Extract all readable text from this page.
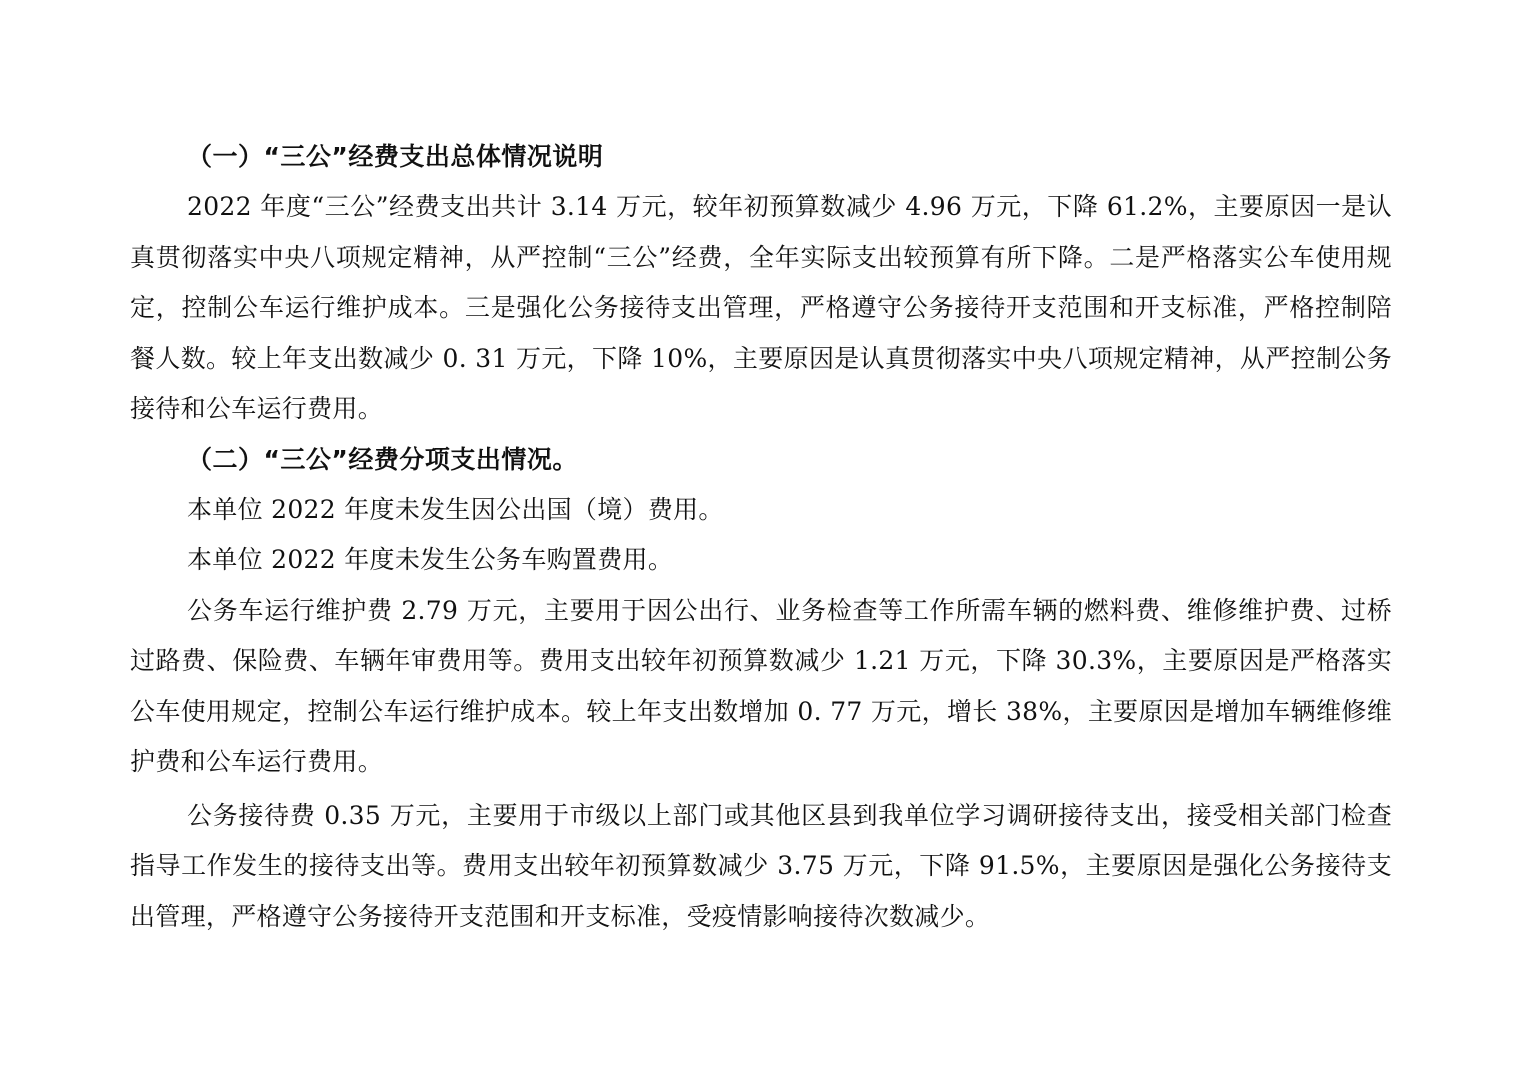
（一）“三公”经费支出总体情况说明

2022 年度“三公”经费支出共计 3.14 万元，较年初预算数减少 4.96 万元，下降 61.2%，主要原因一是认真贯彻落实中央八项规定精神，从严控制“三公”经费，全年实际支出较预算有所下降。二是严格落实公车使用规定，控制公车运行维护成本。三是强化公务接待支出管理，严格遵守公务接待开支范围和开支标准，严格控制陪餐人数。较上年支出数减少 0. 31 万元，下降 10%，主要原因是认真贯彻落实中央八项规定精神，从严控制公务接待和公车运行费用。

（二）“三公”经费分项支出情况。

本单位 2022 年度未发生因公出国（境）费用。

本单位 2022 年度未发生公务车购置费用。

公务车运行维护费 2.79 万元，主要用于因公出行、业务检查等工作所需车辆的燃料费、维修维护费、过桥过路费、保险费、车辆年审费用等。费用支出较年初预算数减少 1.21 万元，下降 30.3%，主要原因是严格落实公车使用规定，控制公车运行维护成本。较上年支出数增加 0. 77 万元，增长 38%，主要原因是增加车辆维修维护费和公车运行费用。

公务接待费 0.35 万元，主要用于市级以上部门或其他区县到我单位学习调研接待支出，接受相关部门检查指导工作发生的接待支出等。费用支出较年初预算数减少 3.75 万元，下降 91.5%，主要原因是强化公务接待支出管理，严格遵守公务接待开支范围和开支标准，受疫情影响接待次数减少。
